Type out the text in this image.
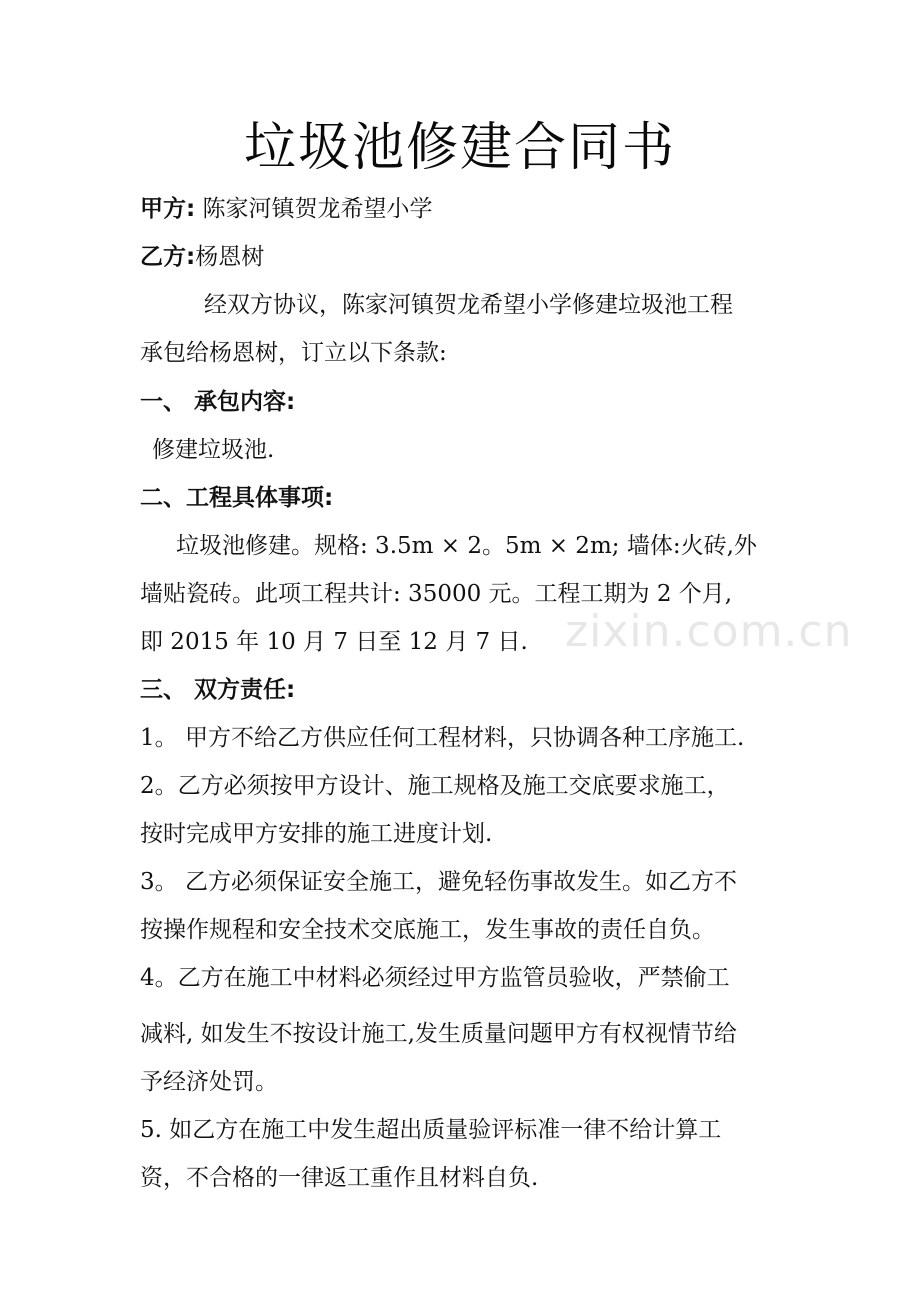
垃圾池修建合同书
甲方: 陈家河镇贺龙希望小学
乙方:杨恩树
经双方协议，陈家河镇贺龙希望小学修建垃圾池工程
承包给杨恩树，订立以下条款:
一、 承包内容:
修建垃圾池.
二、工程具体事项:
垃圾池修建。规格: 3.5m × 2。5m × 2m; 墙体:火砖,外
墙贴瓷砖。此项工程共计: 35000 元。工程工期为 2 个月,
即 2015 年 10 月 7 日至 12 月 7 日.
三、 双方责任:
1。 甲方不给乙方供应任何工程材料，只协调各种工序施工.
2。乙方必须按甲方设计、施工规格及施工交底要求施工，
按时完成甲方安排的施工进度计划.
3。 乙方必须保证安全施工，避免轻伤事故发生。如乙方不
按操作规程和安全技术交底施工，发生事故的责任自负。
4。乙方在施工中材料必须经过甲方监管员验收，严禁偷工
减料, 如发生不按设计施工,发生质量问题甲方有权视情节给
予经济处罚。
5. 如乙方在施工中发生超出质量验评标准一律不给计算工
资，不合格的一律返工重作且材料自负.
zixin.com.cn
